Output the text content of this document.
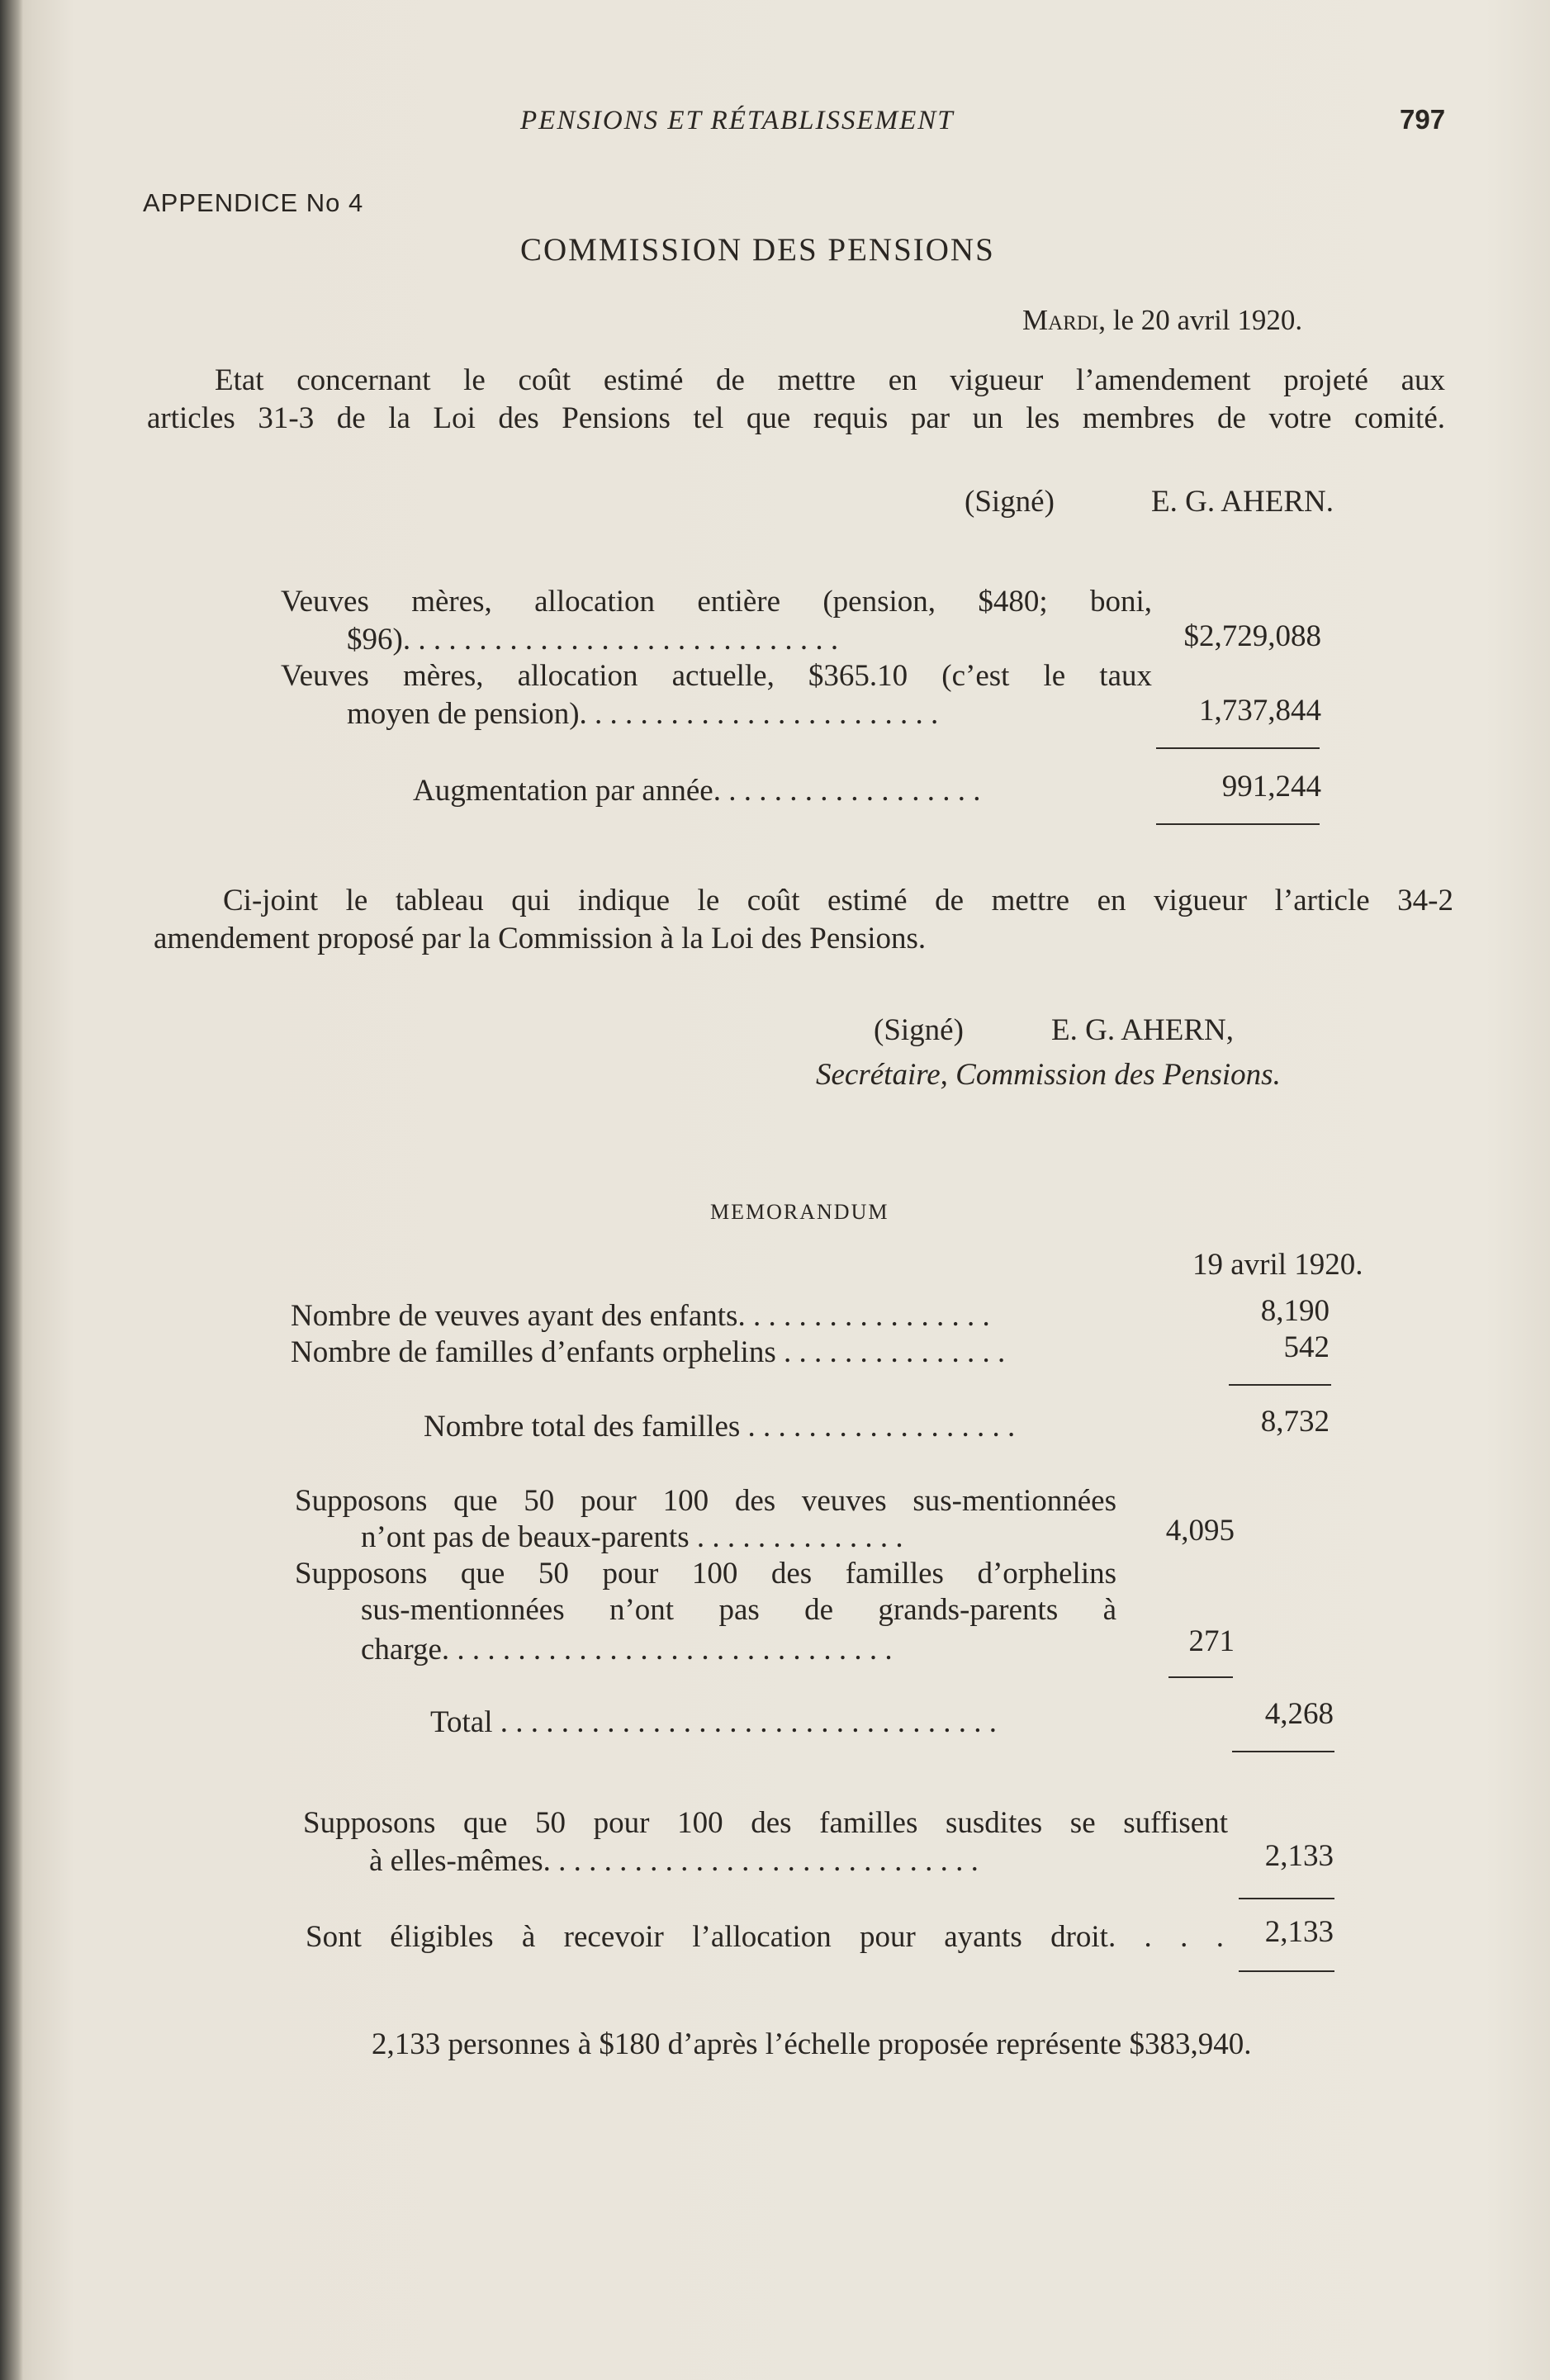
PENSIONS ET RÉTABLISSEMENT	797
APPENDICE No 4
COMMISSION DES PENSIONS
Mardi, le 20 avril 1920.
Etat concernant le coût estimé de mettre en vigueur l’amendement projeté aux
articles 31-3 de la Loi des Pensions tel que requis par un les membres de votre comité.
(Signé)	E. G. AHERN.
Veuves mères, allocation entière (pension, $480; boni,
$96). . . . . . . . . . . . . . . . . . . . . . . . . . . . .	$2,729,088
Veuves mères, allocation actuelle, $365.10 (c’est le taux
moyen de pension). . . . . . . . . . . . . . . . . . . . . . . .	1,737,844
Augmentation par année. . . . . . . . . . . . . . . . . .	991,244
Ci-joint le tableau qui indique le coût estimé de mettre en vigueur l’article 34-2
amendement proposé par la Commission à la Loi des Pensions.
(Signé)	E. G. AHERN,
Secrétaire, Commission des Pensions.
MEMORANDUM
19 avril 1920.
Nombre de veuves ayant des enfants. . . . . . . . . . . . . . . . .	8,190
Nombre de familles d’enfants orphelins . . . . . . . . . . . . . . .	542
Nombre total des familles . . . . . . . . . . . . . . . . . .	8,732
Supposons que 50 pour 100 des veuves sus-mentionnées
n’ont pas de beaux-parents . . . . . . . . . . . . . .	4,095
Supposons que 50 pour 100 des familles d’orphelins
sus-mentionnées n’ont pas de grands-parents à
charge. . . . . . . . . . . . . . . . . . . . . . . . . . . . . .	271
Total . . . . . . . . . . . . . . . . . . . . . . . . . . . . . . . . .	4,268
Supposons que 50 pour 100 des familles susdites se suffisent
à elles-mêmes. . . . . . . . . . . . . . . . . . . . . . . . . . . . .	2,133
Sont éligibles à recevoir l’allocation pour ayants droit. . . .	2,133
2,133 personnes à $180 d’après l’échelle proposée représente $383,940.
